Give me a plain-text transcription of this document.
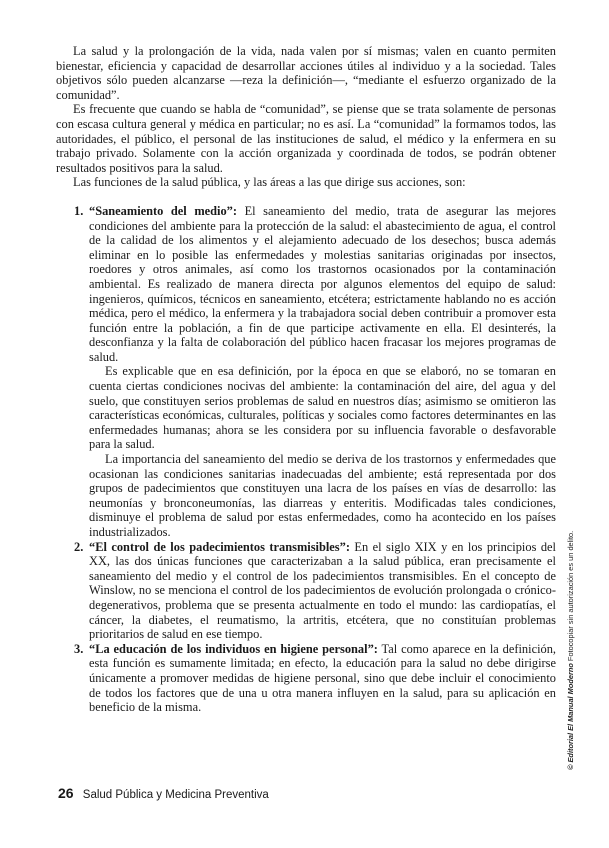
La salud y la prolongación de la vida, nada valen por sí mismas; valen en cuanto permiten bienestar, eficiencia y capacidad de desarrollar acciones útiles al individuo y a la sociedad. Tales objetivos sólo pueden alcanzarse —reza la definición—, “mediante el esfuerzo organizado de la comunidad”.

Es frecuente que cuando se habla de “comunidad”, se piense que se trata solamente de personas con escasa cultura general y médica en particular; no es así. La “comunidad” la formamos todos, las autoridades, el público, el personal de las instituciones de salud, el médico y la enfermera en su trabajo privado. Solamente con la acción organizada y coordinada de todos, se podrán obtener resultados positivos para la salud.

Las funciones de la salud pública, y las áreas a las que dirige sus acciones, son:

1. “Saneamiento del medio”: El saneamiento del medio, trata de asegurar las mejores condiciones del ambiente para la protección de la salud: el abastecimiento de agua, el control de la calidad de los alimentos y el alejamiento adecuado de los desechos; busca además eliminar en lo posible las enfermedades y molestias sanitarias originadas por insectos, roedores y otros animales, así como los trastornos ocasionados por la contaminación ambiental. Es realizado de manera directa por algunos elementos del equipo de salud: ingenieros, químicos, técnicos en saneamiento, etcétera; estrictamente hablando no es acción médica, pero el médico, la enfermera y la trabajadora social deben contribuir a promover esta función entre la población, a fin de que participe activamente en ella. El desinterés, la desconfianza y la falta de colaboración del público hacen fracasar los mejores programas de salud.

Es explicable que en esa definición, por la época en que se elaboró, no se tomaran en cuenta ciertas condiciones nocivas del ambiente: la contaminación del aire, del agua y del suelo, que constituyen serios problemas de salud en nuestros días; asimismo se omitieron las características económicas, culturales, políticas y sociales como factores determinantes en las enfermedades humanas; ahora se les considera por su influencia favorable o desfavorable para la salud.

La importancia del saneamiento del medio se deriva de los trastornos y enfermedades que ocasionan las condiciones sanitarias inadecuadas del ambiente; está representada por dos grupos de padecimientos que constituyen una lacra de los países en vías de desarrollo: las neumonías y bronconeumonías, las diarreas y enteritis. Modificadas tales condiciones, disminuye el problema de salud por estas enfermedades, como ha acontecido en los países industrializados.

2. “El control de los padecimientos transmisibles”: En el siglo XIX y en los principios del XX, las dos únicas funciones que caracterizaban a la salud pública, eran precisamente el saneamiento del medio y el control de los padecimientos transmisibles. En el concepto de Winslow, no se menciona el control de los padecimientos de evolución prolongada o crónico-degenerativos, problema que se presenta actualmente en todo el mundo: las cardiopatías, el cáncer, la diabetes, el reumatismo, la artritis, etcétera, que no constituían problemas prioritarios de salud en ese tiempo.

3. “La educación de los individuos en higiene personal”: Tal como aparece en la definición, esta función es sumamente limitada; en efecto, la educación para la salud no debe dirigirse únicamente a promover medidas de higiene personal, sino que debe incluir el conocimiento de todos los factores que de una u otra manera influyen en la salud, para su aplicación en beneficio de la misma.

26 Salud Pública y Medicina Preventiva
© Editorial El Manual Moderno Fotocopiar sin autorización es un delito.
